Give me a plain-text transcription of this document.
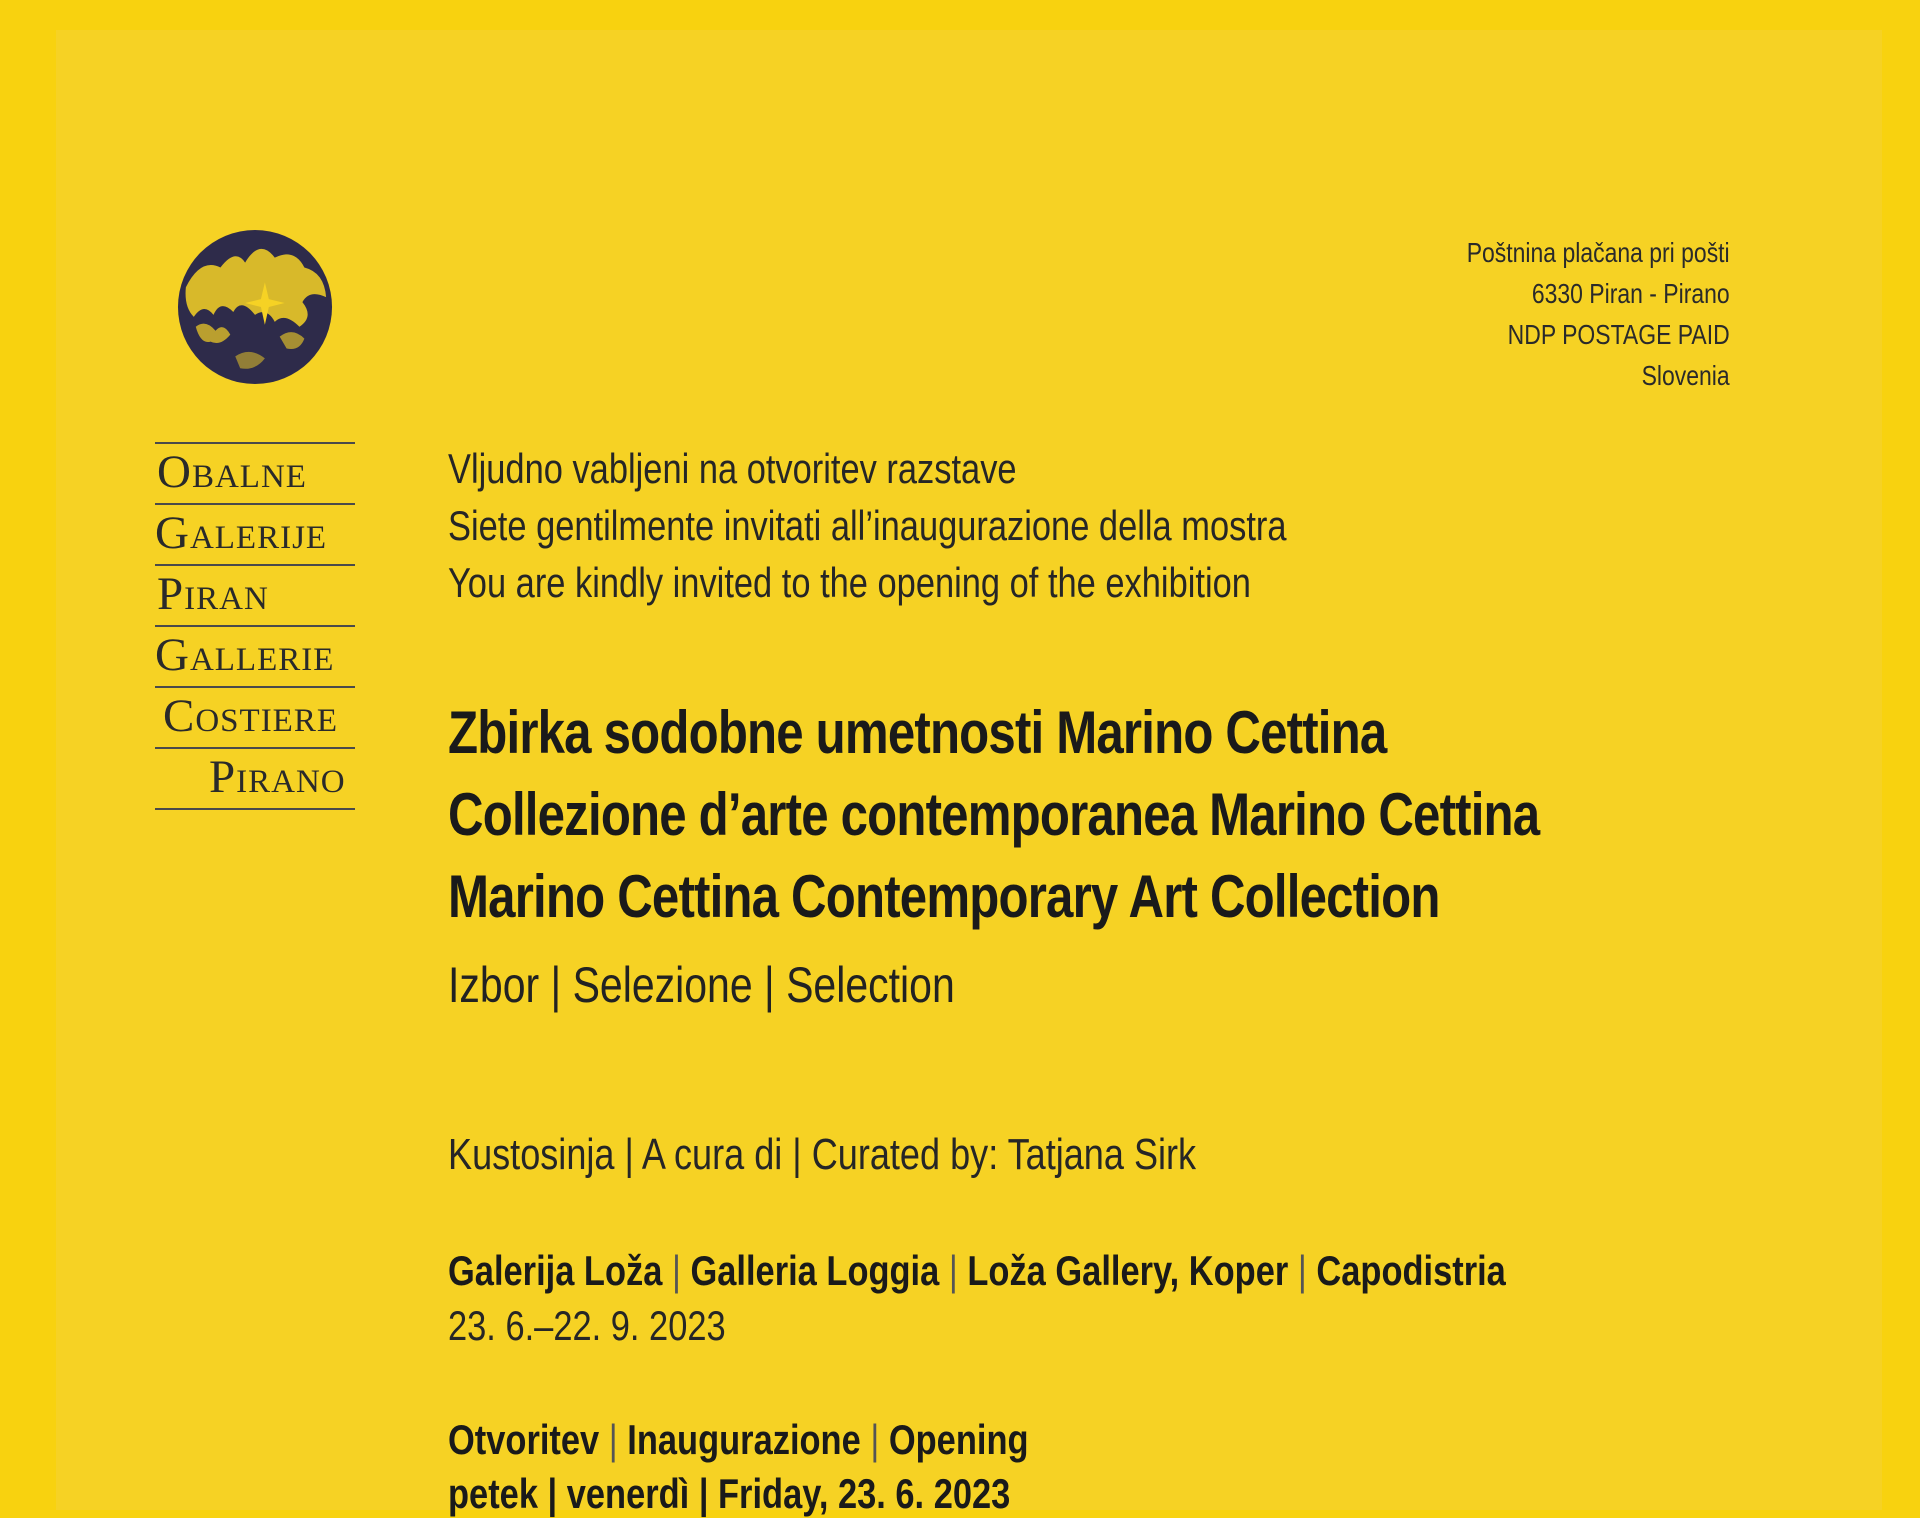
Obalne
Galerije
Piran
Gallerie
Costiere
Pirano
Poštnina plačana pri pošti
6330 Piran - Pirano
NDP POSTAGE PAID
Slovenia
Vljudno vabljeni na otvoritev razstave
Siete gentilmente invitati all’inaugurazione della mostra
You are kindly invited to the opening of the exhibition
Zbirka sodobne umetnosti Marino Cettina
Collezione d’arte contemporanea Marino Cettina
Marino Cettina Contemporary Art Collection
Izbor | Selezione | Selection
Kustosinja | A cura di | Curated by: Tatjana Sirk
Galerija Loža | Galleria Loggia | Loža Gallery, Koper | Capodistria
23. 6.–22. 9. 2023
Otvoritev | Inaugurazione | Opening
petek | venerdì | Friday, 23. 6. 2023
